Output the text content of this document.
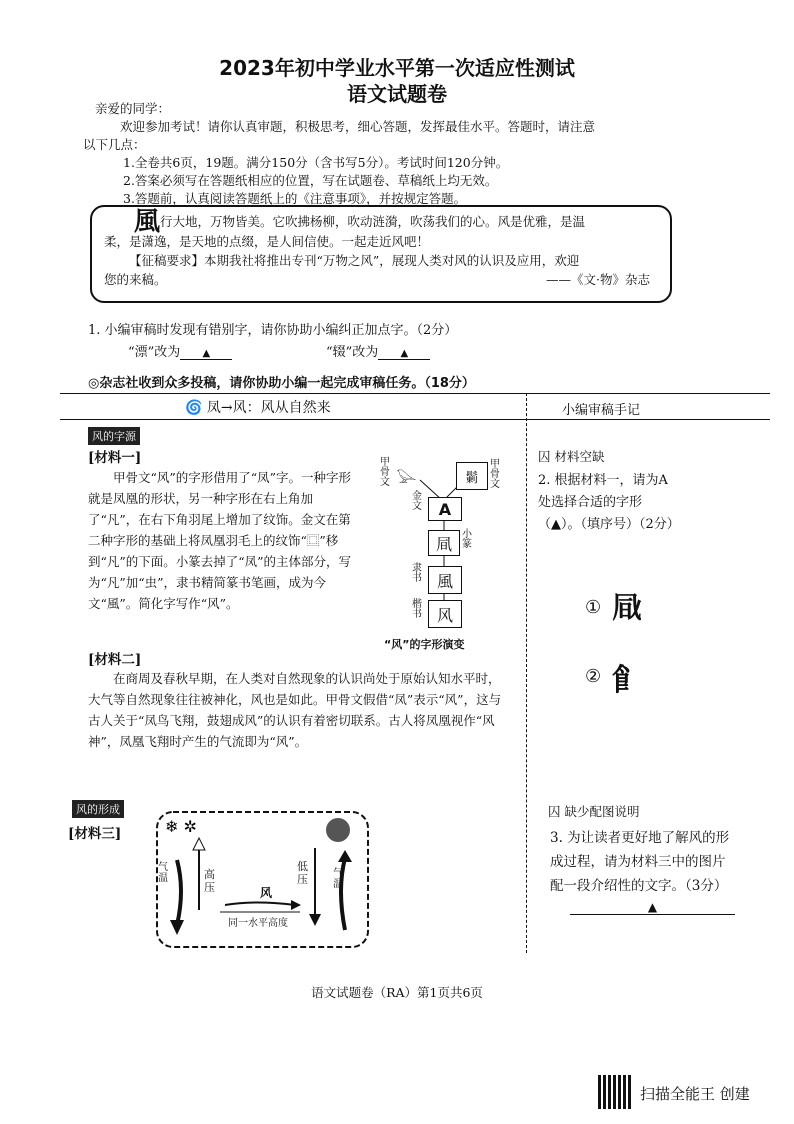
2023年初中学业水平第一次适应性测试
语文试题卷

亲爱的同学：

欢迎参加考试！请你认真审题，积极思考，细心答题，发挥最佳水平。答题时，请注意

以下几点：

1.全卷共6页，19题。满分150分（含书写5分）。考试时间120分钟。

2.答案必须写在答题纸相应的位置，写在试题卷、草稿纸上均无效。

3.答题前，认真阅读答题纸上的《注意事项》，并按规定答题。

風行大地，万物皆美。它吹拂杨柳，吹动涟漪，吹荡我们的心。风是优雅，是温
柔，是潇逸，是天地的点缀，是人间信使。一起走近风吧！
【征稿要求】本期我社将推出专刊“万物之风”，展现人类对风的认识及应用，欢迎
您的来稿。	——《文·物》杂志
1. 小编审稿时发现有错别字，请你协助小编纠正加点字。（2分）
“漂”改为 ▲	“辍”改为 ▲
◎杂志社收到众多投稿，请你协助小编一起完成审稿任务。（18分）
🌀 凤→风：风从自然来	小编审稿手记
风的字源
[材料一]
甲骨文“风”的字形借用了“凤”字。一种字形就是凤凰的形状，另一种字形在右上角加了“凡”，在右下角羽尾上增加了纹饰。金文在第二种字形的基础上将凤凰羽毛上的纹饰“⿴”移到“凡”的下面。小篆去掉了“凤”的主体部分，写为“凡”加“虫”，隶书精简篆书笔画，成为今文“風”。简化字写作“风”。
甲骨文 𓅪	鬎
甲骨文
金文	A
凬	小篆
隶书 風
楷书 风
“风”的字形演变
[材料二]
在商周及春秋早期，在人类对自然现象的认识尚处于原始认知水平时，大气等自然现象往往被神化，风也是如此。甲骨文假借“凤”表示“风”，这与古人关于“凤鸟飞翔，鼓翅成风”的认识有着密切联系。古人将凤凰视作“风神”，凤凰飞翔时产生的气流即为“风”。
风的形成
[材料三]	❄ ✲
气温	高压	风
低压	气温
同一水平高度
囚 材料空缺
2. 根据材料一，请为A处选择合适的字形（▲）。（填序号）（2分）
① 𠙊
② 𩙿
囚 缺少配图说明
3. 为让读者更好地了解风的形成过程，请为材料三中的图片配一段介绍性的文字。（3分）
▲
语文试题卷（RA）第1页共6页
扫描全能王 创建
